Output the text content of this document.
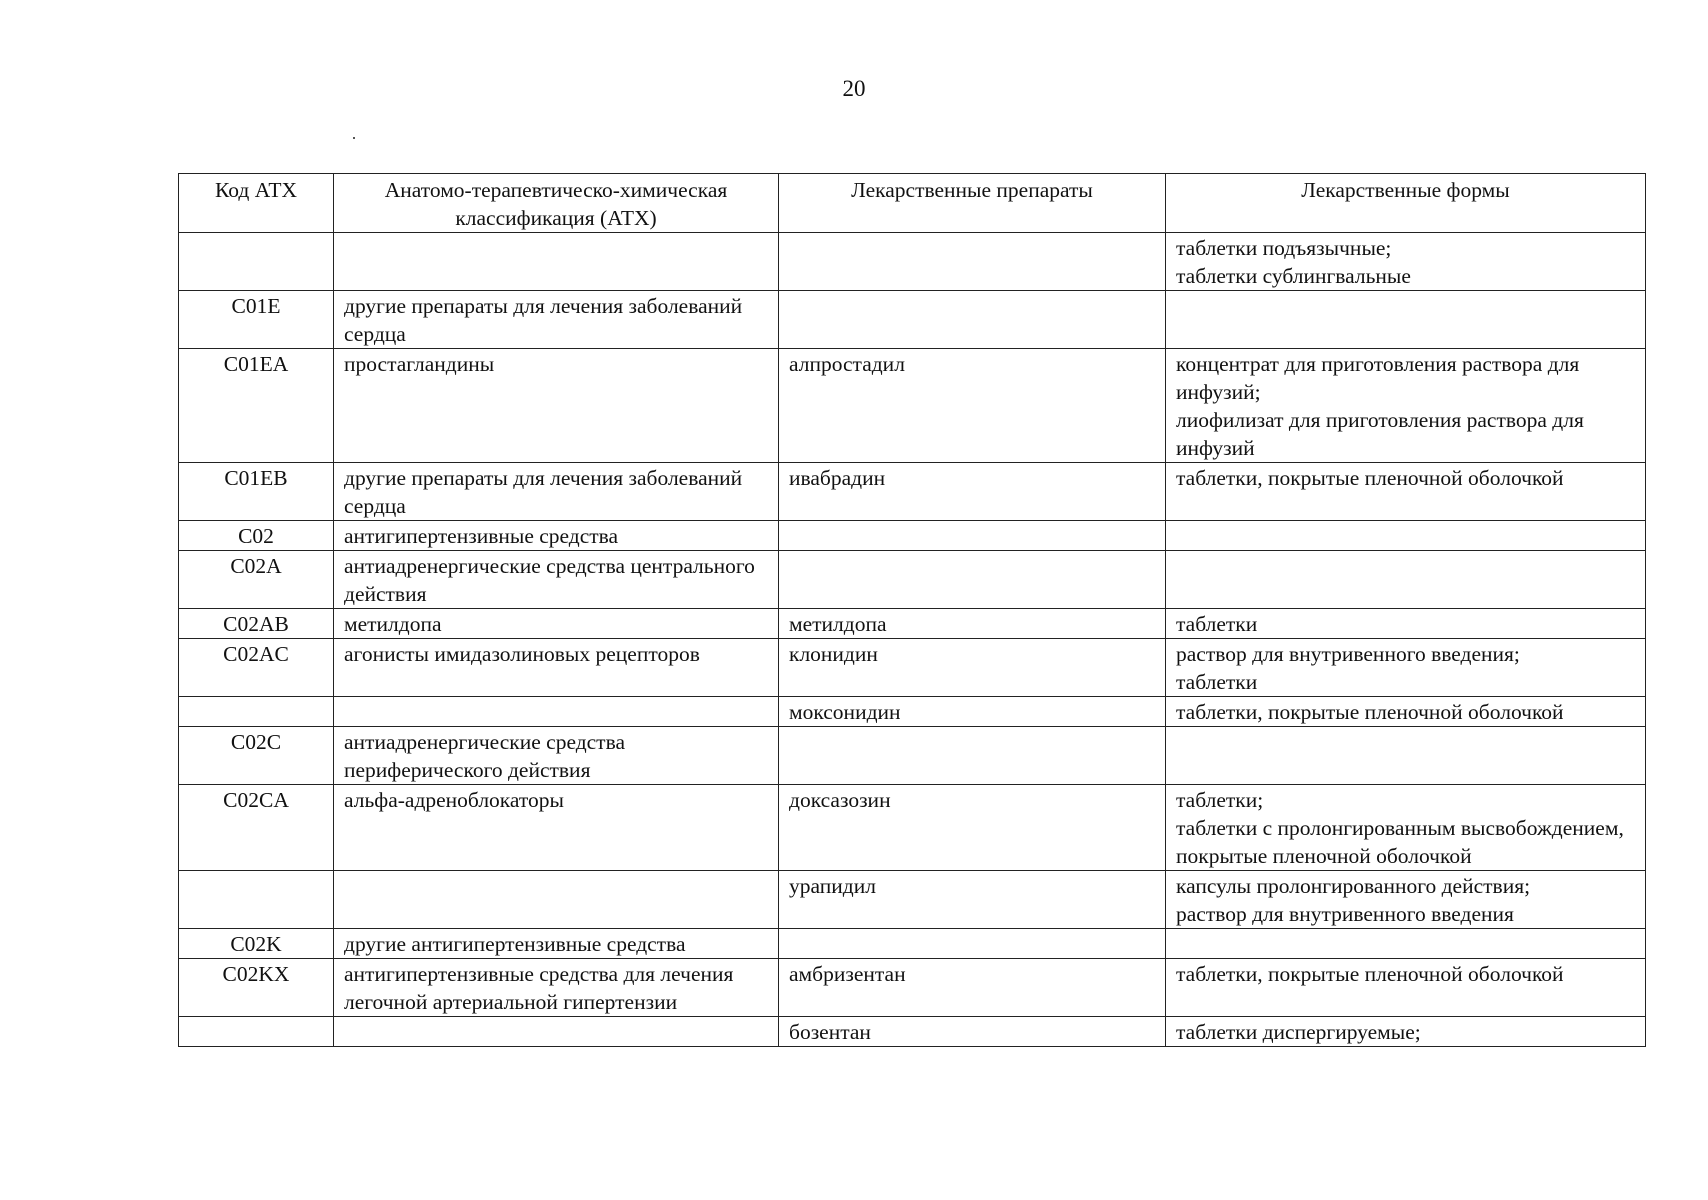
20
Код АТХ	Анатомо-терапевтическо-химическая классификация (АТХ)	Лекарственные препараты	Лекарственные формы

			таблетки подъязычные;
таблетки сублингвальные

C01E	другие препараты для лечения заболеваний сердца		
C01EA	простагландины	алпростадил	концентрат для приготовления раствора для инфузий;
лиофилизат для приготовления раствора для инфузий

C01EB	другие препараты для лечения заболеваний сердца	ивабрадин	таблетки, покрытые пленочной оболочкой

C02	антигипертензивные средства		
C02A	антиадренергические средства центрального действия		
C02AB	метилдопа	метилдопа	таблетки

C02AC	агонисты имидазолиновых рецепторов	клонидин	раствор для внутривенного введения;
таблетки

		моксонидин	таблетки, покрытые пленочной оболочкой

C02C	антиадренергические средства периферического действия		
C02CA	альфа-адреноблокаторы	доксазозин	таблетки;
таблетки с пролонгированным высвобождением, покрытые пленочной оболочкой

		урапидил	капсулы пролонгированного действия;
раствор для внутривенного введения

C02K	другие антигипертензивные средства		
C02KX	антигипертензивные средства для лечения легочной артериальной гипертензии	амбризентан	таблетки, покрытые пленочной оболочкой

		бозентан	таблетки диспергируемые;
